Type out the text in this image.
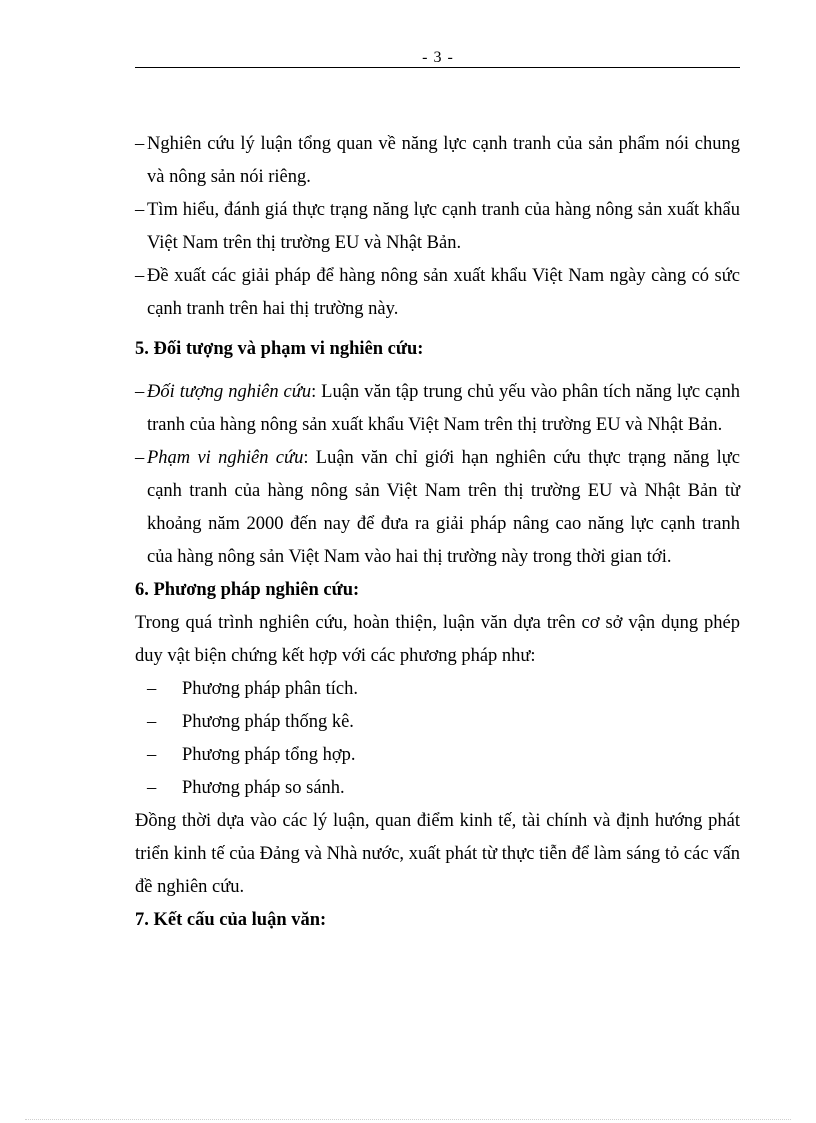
- 3 -
– Nghiên cứu lý luận tổng quan về năng lực cạnh tranh của sản phẩm nói chung và nông sản nói riêng.
– Tìm hiểu, đánh giá thực trạng năng lực cạnh tranh của hàng nông sản xuất khẩu Việt Nam trên thị trường EU và Nhật Bản.
– Đề xuất các giải pháp để hàng nông sản xuất khẩu Việt Nam ngày càng có sức cạnh tranh trên hai thị trường này.
5. Đối tượng và phạm vi nghiên cứu:
– Đối tượng nghiên cứu: Luận văn tập trung chủ yếu vào phân tích năng lực cạnh tranh của hàng nông sản xuất khẩu Việt Nam trên thị trường EU và Nhật Bản.
– Phạm vi nghiên cứu: Luận văn chỉ giới hạn nghiên cứu thực trạng năng lực cạnh tranh của hàng nông sản Việt Nam trên thị trường EU và Nhật Bản từ khoảng năm 2000 đến nay để đưa ra giải pháp nâng cao năng lực cạnh tranh của hàng nông sản Việt Nam vào hai thị trường này trong thời gian tới.
6. Phương pháp nghiên cứu:

Trong quá trình nghiên cứu, hoàn thiện, luận văn dựa trên cơ sở vận dụng phép duy vật biện chứng kết hợp với các phương pháp như:

–	Phương pháp phân tích.
–	Phương pháp thống kê.
–	Phương pháp tổng hợp.
–	Phương pháp so sánh.

Đồng thời dựa vào các lý luận, quan điểm kinh tế, tài chính và định hướng phát triển kinh tế của Đảng và Nhà nước, xuất phát từ thực tiễn để làm sáng tỏ các vấn đề nghiên cứu.

7. Kết cấu của luận văn:
